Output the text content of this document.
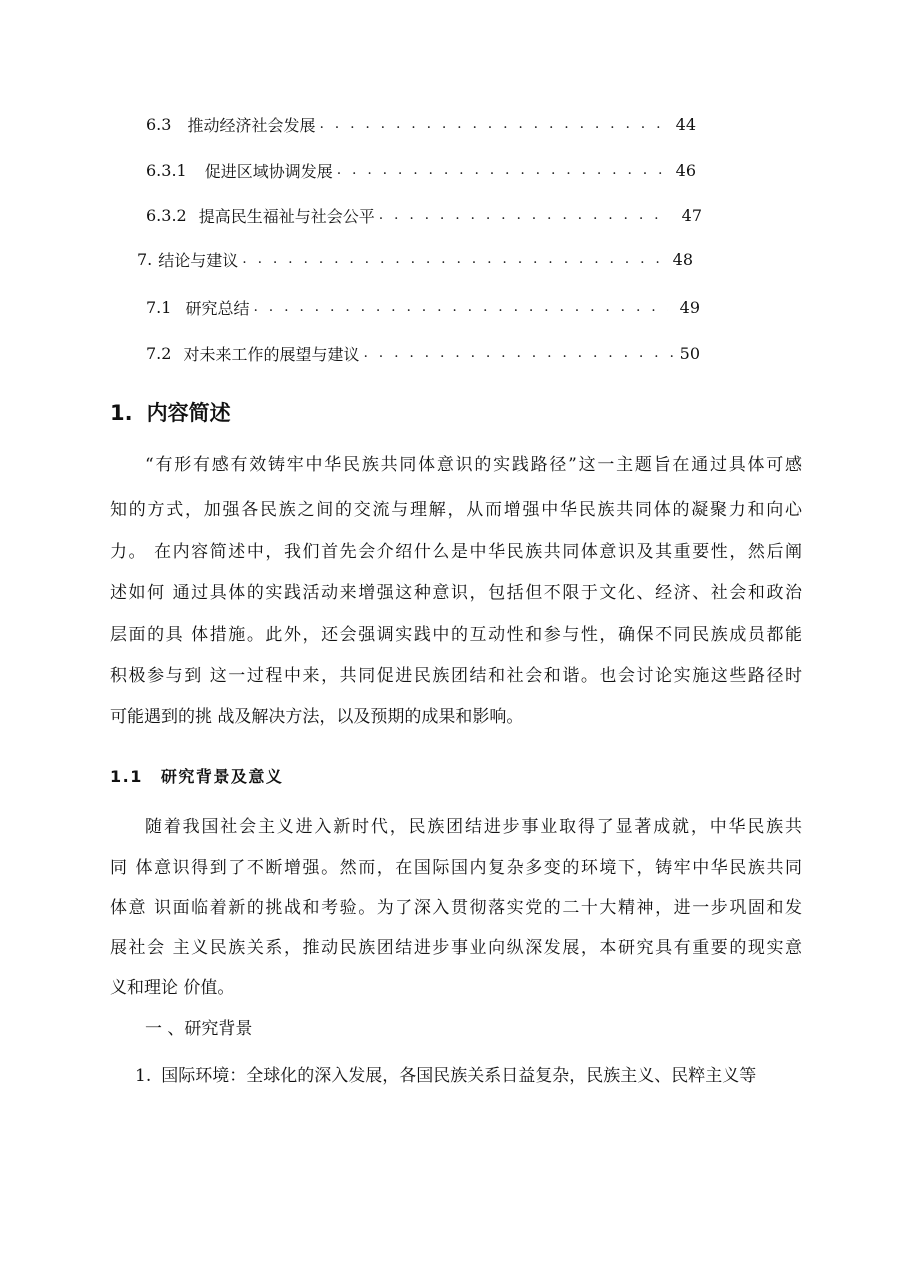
6.3 推动经济社会发展 . . .	44
6.3.1 促进区域协调发展 . . .	46
6.3.2 提高民生福祉与社会公平 . . .	47
7. 结论与建议 . . .	48
7.1 研究总结 . . .	49
7.2 对未来工作的展望与建议 . . .	50
1. 内容简述
“有形有感有效铸牢中华民族共同体意识的实践路径”这一主题旨在通过具体可感
知的方式，加强各民族之间的交流与理解，从而增强中华民族共同体的凝聚力和向心
力。 在内容简述中，我们首先会介绍什么是中华民族共同体意识及其重要性，然后阐
述如何 通过具体的实践活动来增强这种意识，包括但不限于文化、经济、社会和政治
层面的具 体措施。此外，还会强调实践中的互动性和参与性，确保不同民族成员都能
积极参与到 这一过程中来，共同促进民族团结和社会和谐。也会讨论实施这些路径时
可能遇到的挑 战及解决方法，以及预期的成果和影响。
1.1 研究背景及意义
随着我国社会主义进入新时代，民族团结进步事业取得了显著成就，中华民族共
同 体意识得到了不断增强。然而，在国际国内复杂多变的环境下，铸牢中华民族共同
体意 识面临着新的挑战和考验。为了深入贯彻落实党的二十大精神，进一步巩固和发
展社会 主义民族关系，推动民族团结进步事业向纵深发展，本研究具有重要的现实意
义和理论 价值。
一 、研究背景
1. 国际环境：全球化的深入发展，各国民族关系日益复杂，民族主义、民粹主义等
